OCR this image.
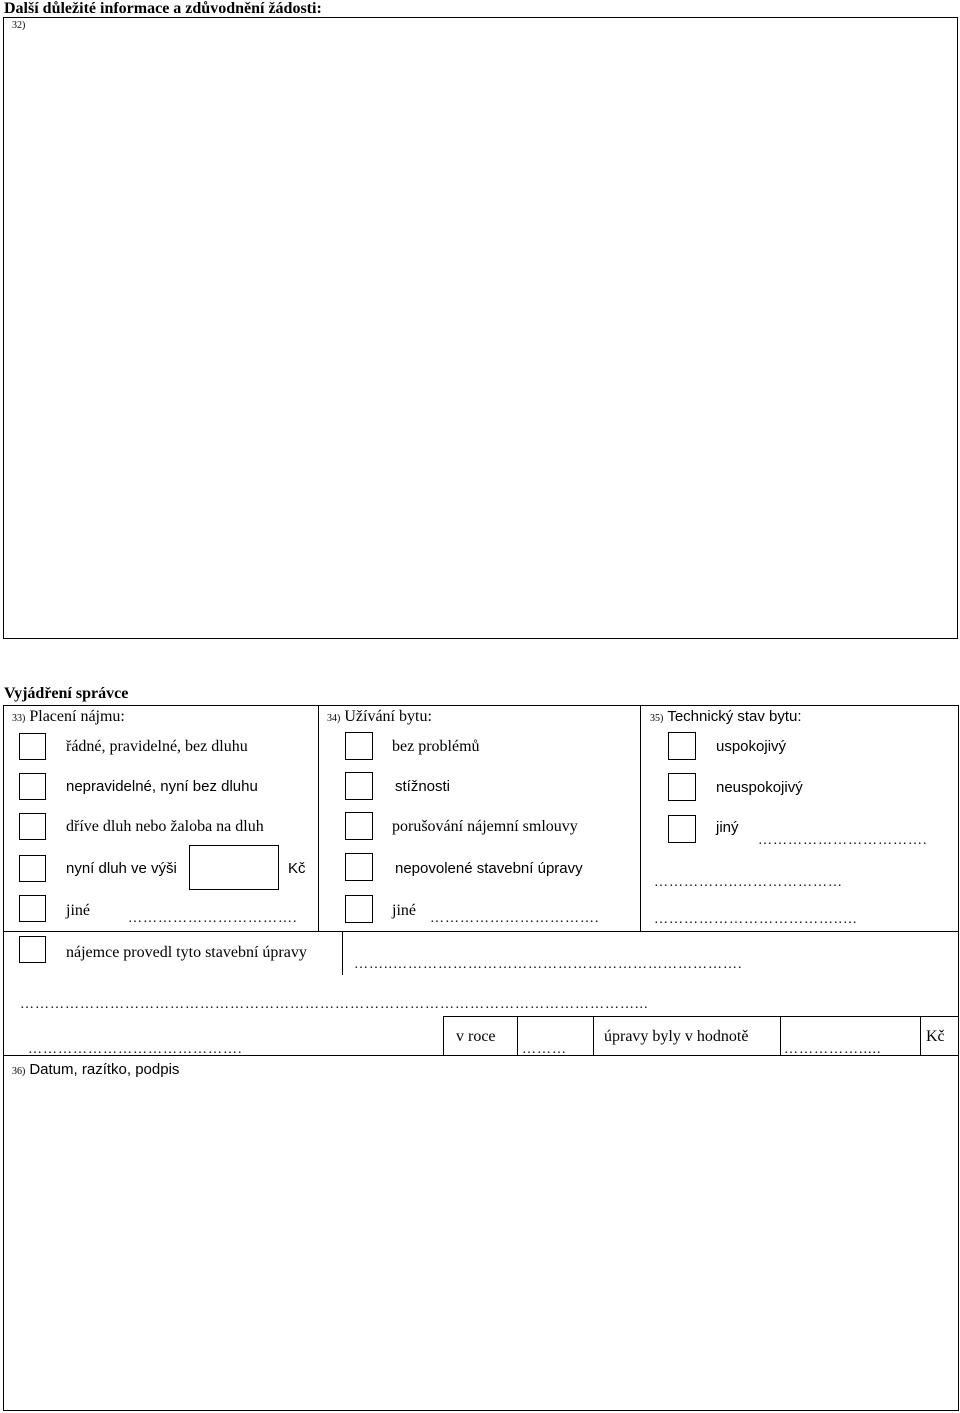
Další důležité informace a zdůvodnění žádosti:
32)
Vyjádření správce
33) Placení nájmu:
řádné, pravidelné, bez dluhu
nepravidelné, nyní bez dluhu
dříve dluh nebo žaloba na dluh
nyní dluh ve výši	Kč
jiné	…………………………….
34) Užívání bytu:
bez problémů
stížnosti
porušování nájemní smlouvy
nepovolené stavební úpravy
jiné …………………………….
35) Technický stav bytu:
uspokojivý
neuspokojivý
jiný
…………………………….
……………..…………………
………………………………..…
nájemce provedl tyto stavební úpravy
……..…………………………………………………………….
……………………………………………………………………………………………………………...
…………………………………….
v roce
………
úpravy byly v hodnotě
…………….....
Kč
36) Datum, razítko, podpis
